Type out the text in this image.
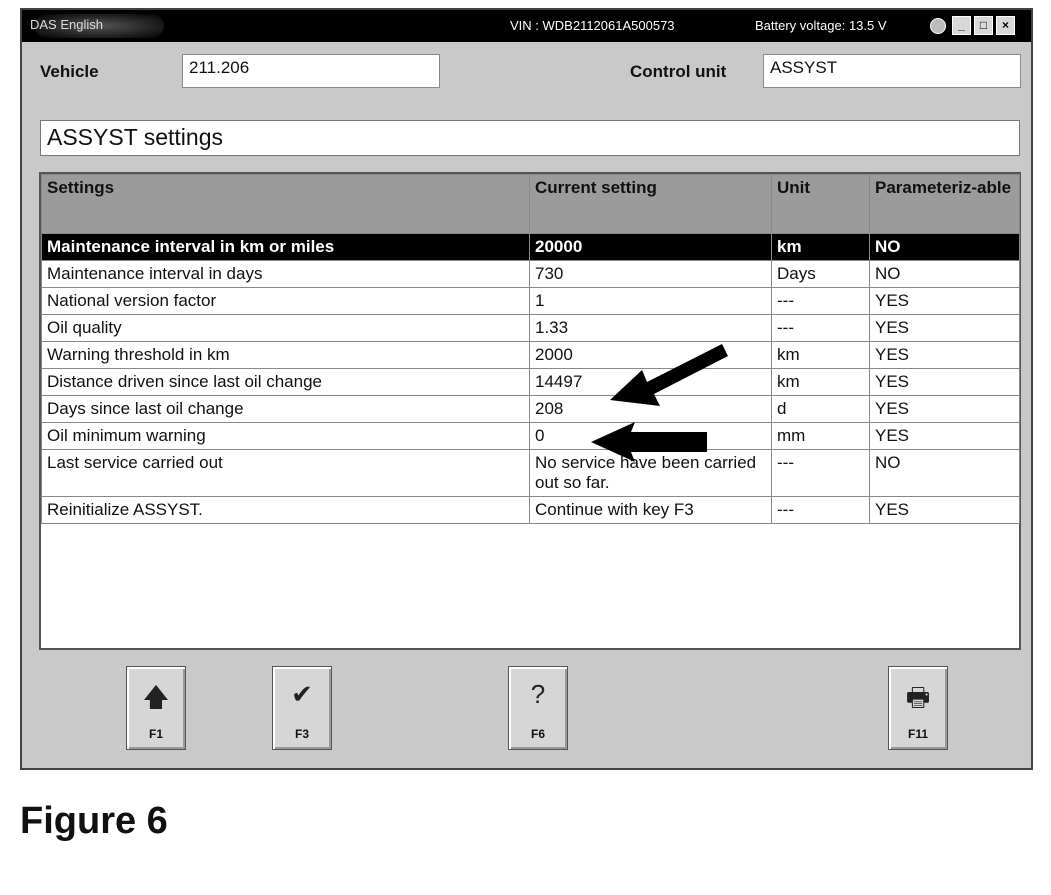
DAS English	VIN : WDB2112061A500573	Battery voltage: 13.5 V	_	□	×
Vehicle	211.206	Control unit	ASSYST
ASSYST settings
Settings	Current setting	Unit	Parameteriz-able
Maintenance interval in km or miles	20000	km	NO
Maintenance interval in days	730	Days	NO
National version factor	1	---	YES
Oil quality	1.33	---	YES
Warning threshold in km	2000	km	YES
Distance driven since last oil change	14497	km	YES
Days since last oil change	208	d	YES
Oil minimum warning	0	mm	YES
Last service carried out	No service have been carried out so far.	---	NO
Reinitialize ASSYST.	Continue with key F3	---	YES
🡅
F1
✔
F3
?
F6
🖶
F11
Figure 6
